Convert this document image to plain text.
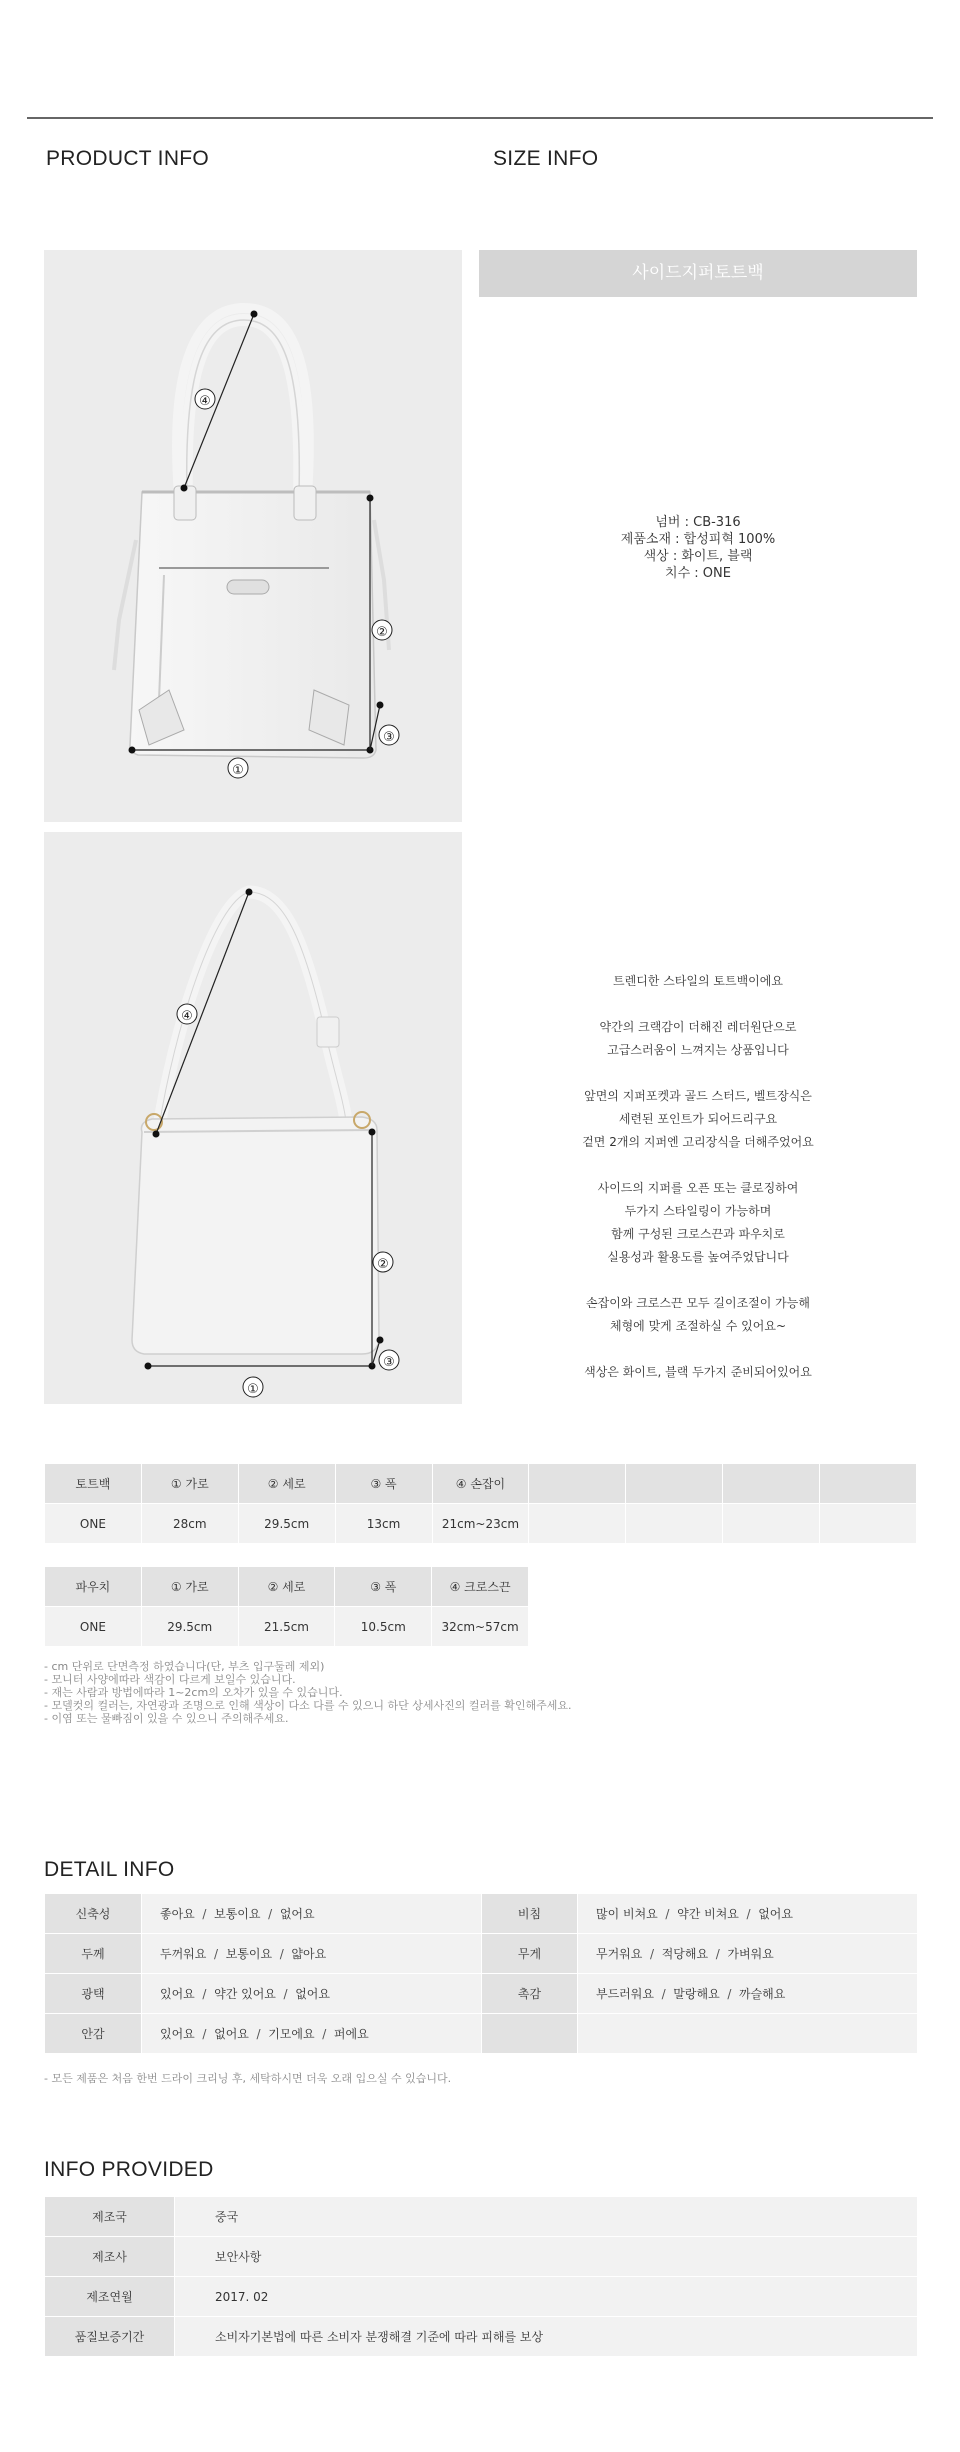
PRODUCT INFO	SIZE INFO
④
②
③
①
④
②
③
①
사이드지퍼토트백
넘버 : CB-316
제품소재 : 합성피혁 100%
색상 : 화이트, 블랙
치수 : ONE

트렌디한 스타일의 토트백이에요

약간의 크랙감이 더해진 레더원단으로
고급스러움이 느껴지는 상품입니다

앞면의 지퍼포켓과 골드 스터드, 벨트장식은
세련된 포인트가 되어드리구요
겉면 2개의 지퍼엔 고리장식을 더해주었어요

사이드의 지퍼를 오픈 또는 클로징하여
두가지 스타일링이 가능하며
함께 구성된 크로스끈과 파우치로
실용성과 활용도를 높여주었답니다

손잡이와 크로스끈 모두 길이조절이 가능해
체형에 맞게 조절하실 수 있어요~

색상은 화이트, 블랙 두가지 준비되어있어요

토트백	① 가로	② 세로	③ 폭	④ 손잡이				
ONE	28cm	29.5cm	13cm	21cm~23cm				
파우치	① 가로	② 세로	③ 폭	④ 크로스끈
ONE	29.5cm	21.5cm	10.5cm	32cm~57cm
- cm 단위로 단면측정 하였습니다(단, 부츠 입구둘레 제외)
- 모니터 사양에따라 색감이 다르게 보일수 있습니다.
- 재는 사람과 방법에따라 1~2cm의 오차가 있을 수 있습니다.
- 모델컷의 컬러는, 자연광과 조명으로 인해 색상이 다소 다를 수 있으니 하단 상세사진의 컬러를 확인해주세요.
- 이염 또는 물빠짐이 있을 수 있으니 주의해주세요.
DETAIL INFO
신축성	좋아요  /  보통이요  /  없어요	비침	많이 비쳐요  /  약간 비쳐요  /  없어요
두께	두꺼워요  /  보통이요  /  얇아요	무게	무거워요  /  적당해요  /  가벼워요
광택	있어요  /  약간 있어요  /  없어요	촉감	부드러워요  /  말랑해요  /  까슬해요
안감	있어요  /  없어요  /  기모에요  /  퍼에요		
- 모든 제품은 처음 한번 드라이 크리닝 후, 세탁하시면 더욱 오래 입으실 수 있습니다.
INFO PROVIDED
제조국	중국
제조사	보안사항
제조연월	2017. 02
품질보증기간	소비자기본법에 따른 소비자 분쟁해결 기준에 따라 피해를 보상
